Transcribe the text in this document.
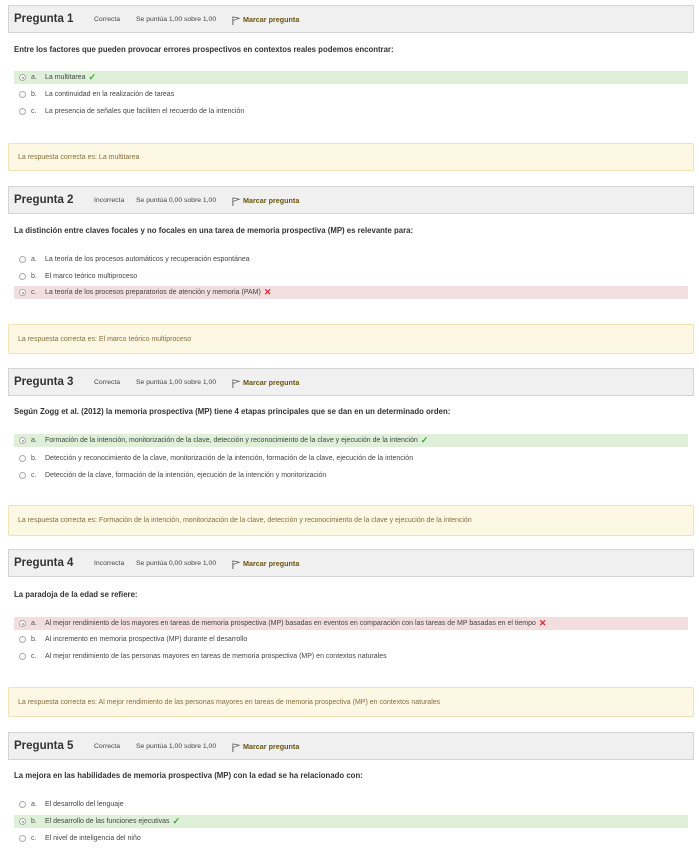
Pregunta 1	Correcta	Se puntúa 1,00 sobre 1,00	Marcar pregunta
Entre los factores que pueden provocar errores prospectivos en contextos reales podemos encontrar:
a.	La multitarea ✓
b.	La continuidad en la realización de tareas
c.	La presencia de señales que faciliten el recuerdo de la intención
La respuesta correcta es: La multitarea
Pregunta 2	Incorrecta	Se puntúa 0,00 sobre 1,00	Marcar pregunta
La distinción entre claves focales y no focales en una tarea de memoria prospectiva (MP) es relevante para:
a.	La teoría de los procesos automáticos y recuperación espontánea
b.	El marco teórico multiproceso
c.	La teoría de los procesos preparatorios de atención y memoria (PAM) ✕
La respuesta correcta es: El marco teórico multiproceso
Pregunta 3	Correcta	Se puntúa 1,00 sobre 1,00	Marcar pregunta
Según Zogg et al. (2012) la memoria prospectiva (MP) tiene 4 etapas principales que se dan en un determinado orden:
a.	Formación de la intención, monitorización de la clave, detección y reconocimiento de la clave y ejecución de la intención ✓
b.	Detección y reconocimiento de la clave, monitorización de la intención, formación de la clave, ejecución de la intención
c.	Detección de la clave, formación de la intención, ejecución de la intención y monitorización
La respuesta correcta es: Formación de la intención, monitorización de la clave, detección y reconocimiento de la clave y ejecución de la intención
Pregunta 4	Incorrecta	Se puntúa 0,00 sobre 1,00	Marcar pregunta
La paradoja de la edad se refiere:
a.	Al mejor rendimiento de los mayores en tareas de memoria prospectiva (MP) basadas en eventos en comparación con las tareas de MP basadas en el tiempo ✕
b.	Al incremento en memoria prospectiva (MP) durante el desarrollo
c.	Al mejor rendimiento de las personas mayores en tareas de memoria prospectiva (MP) en contextos naturales
La respuesta correcta es: Al mejor rendimiento de las personas mayores en tareas de memoria prospectiva (MP) en contextos naturales
Pregunta 5	Correcta	Se puntúa 1,00 sobre 1,00	Marcar pregunta
La mejora en las habilidades de memoria prospectiva (MP) con la edad se ha relacionado con:
a.	El desarrollo del lenguaje
b.	El desarrollo de las funciones ejecutivas ✓
c.	El nivel de inteligencia del niño
